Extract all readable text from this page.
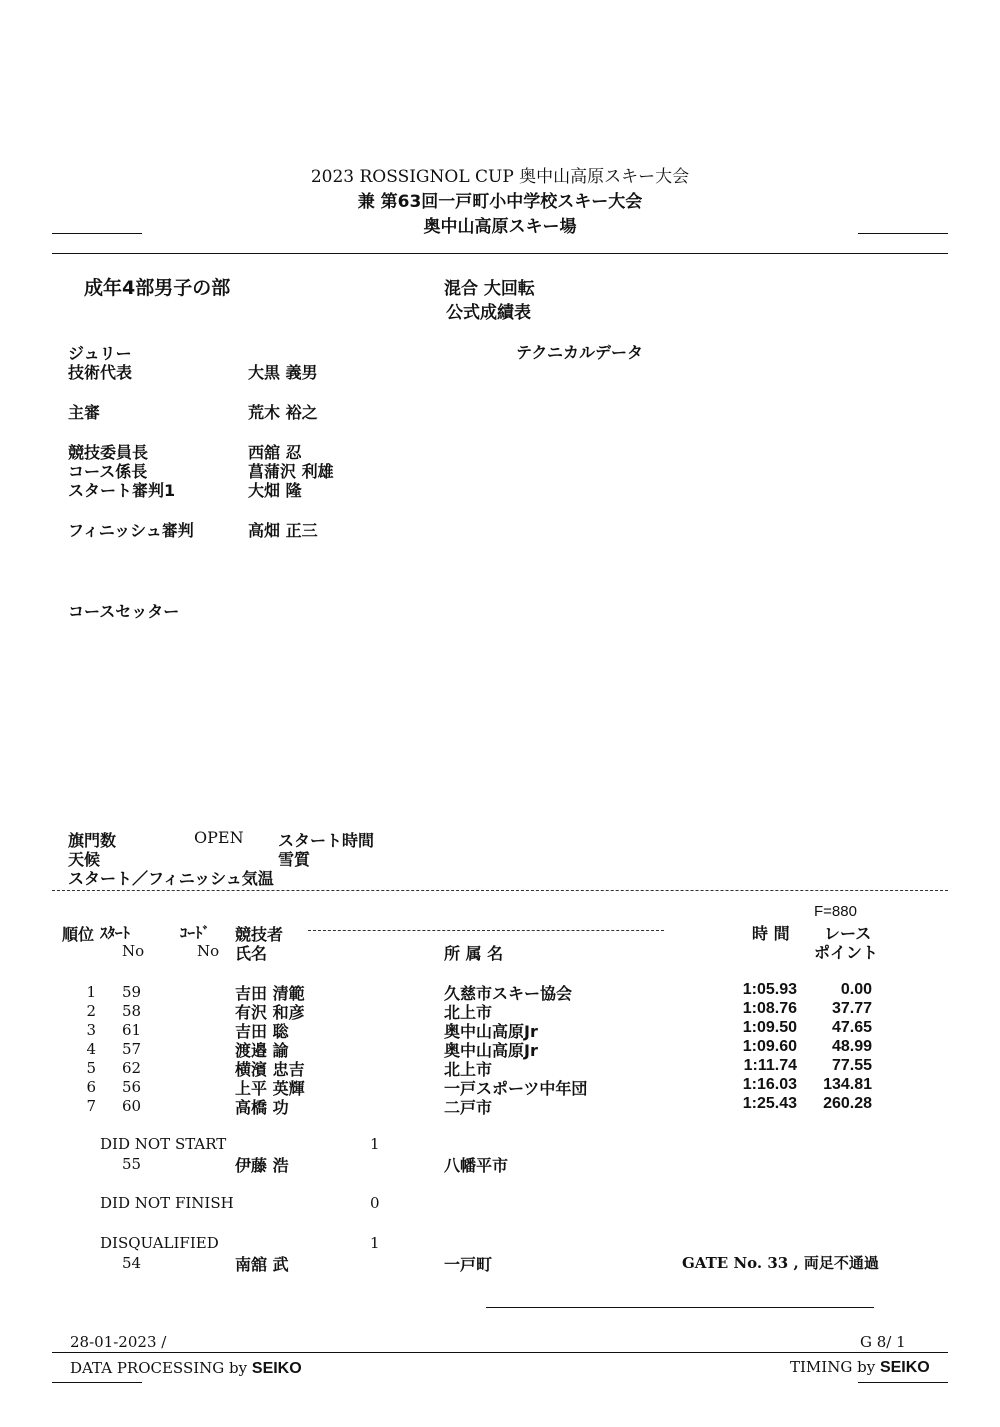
2023 ROSSIGNOL CUP 奥中山高原スキー大会
兼 第63回一戸町小中学校スキー大会
奥中山高原スキー場
成年4部男子の部	混合 大回転
公式成績表
テクニカルデータ
ジュリー
技術代表	大黒 義男
主審	荒木 裕之
競技委員長	西舘 忍
コース係長	菖蒲沢 利雄
スタート審判1	大畑 隆
フィニッシュ審判	高畑 正三
コースセッター
旗門数	OPEN スタート時間
天候	雪質
スタート／フィニッシュ気温
F=880
順位 ｽﾀｰﾄ
No
ｺｰﾄﾞ
No
競技者
氏名	所 属 名
時 間 レース
ポイント
1 59	吉田 清範	久慈市スキー協会	1:05.93	0.00
2 58	有沢 和彦	北上市	1:08.76	37.77
3 61	吉田 聡	奥中山高原Jr	1:09.50	47.65
4 57	渡邉 諭	奥中山高原Jr	1:09.60	48.99
5 62	横濱 忠吉	北上市	1:11.74	77.55
6 56	上平 英輝	一戸スポーツ中年団	1:16.03	134.81
7 60	高橋 功	二戸市	1:25.43	260.28
DID NOT START	1
55	伊藤 浩	八幡平市
DID NOT FINISH	0
DISQUALIFIED	1
54	南舘 武	一戸町	GATE No. 33 , 両足不通過
28-01-2023 /	G 8/ 1
DATA PROCESSING by SEIKO	TIMING by SEIKO
